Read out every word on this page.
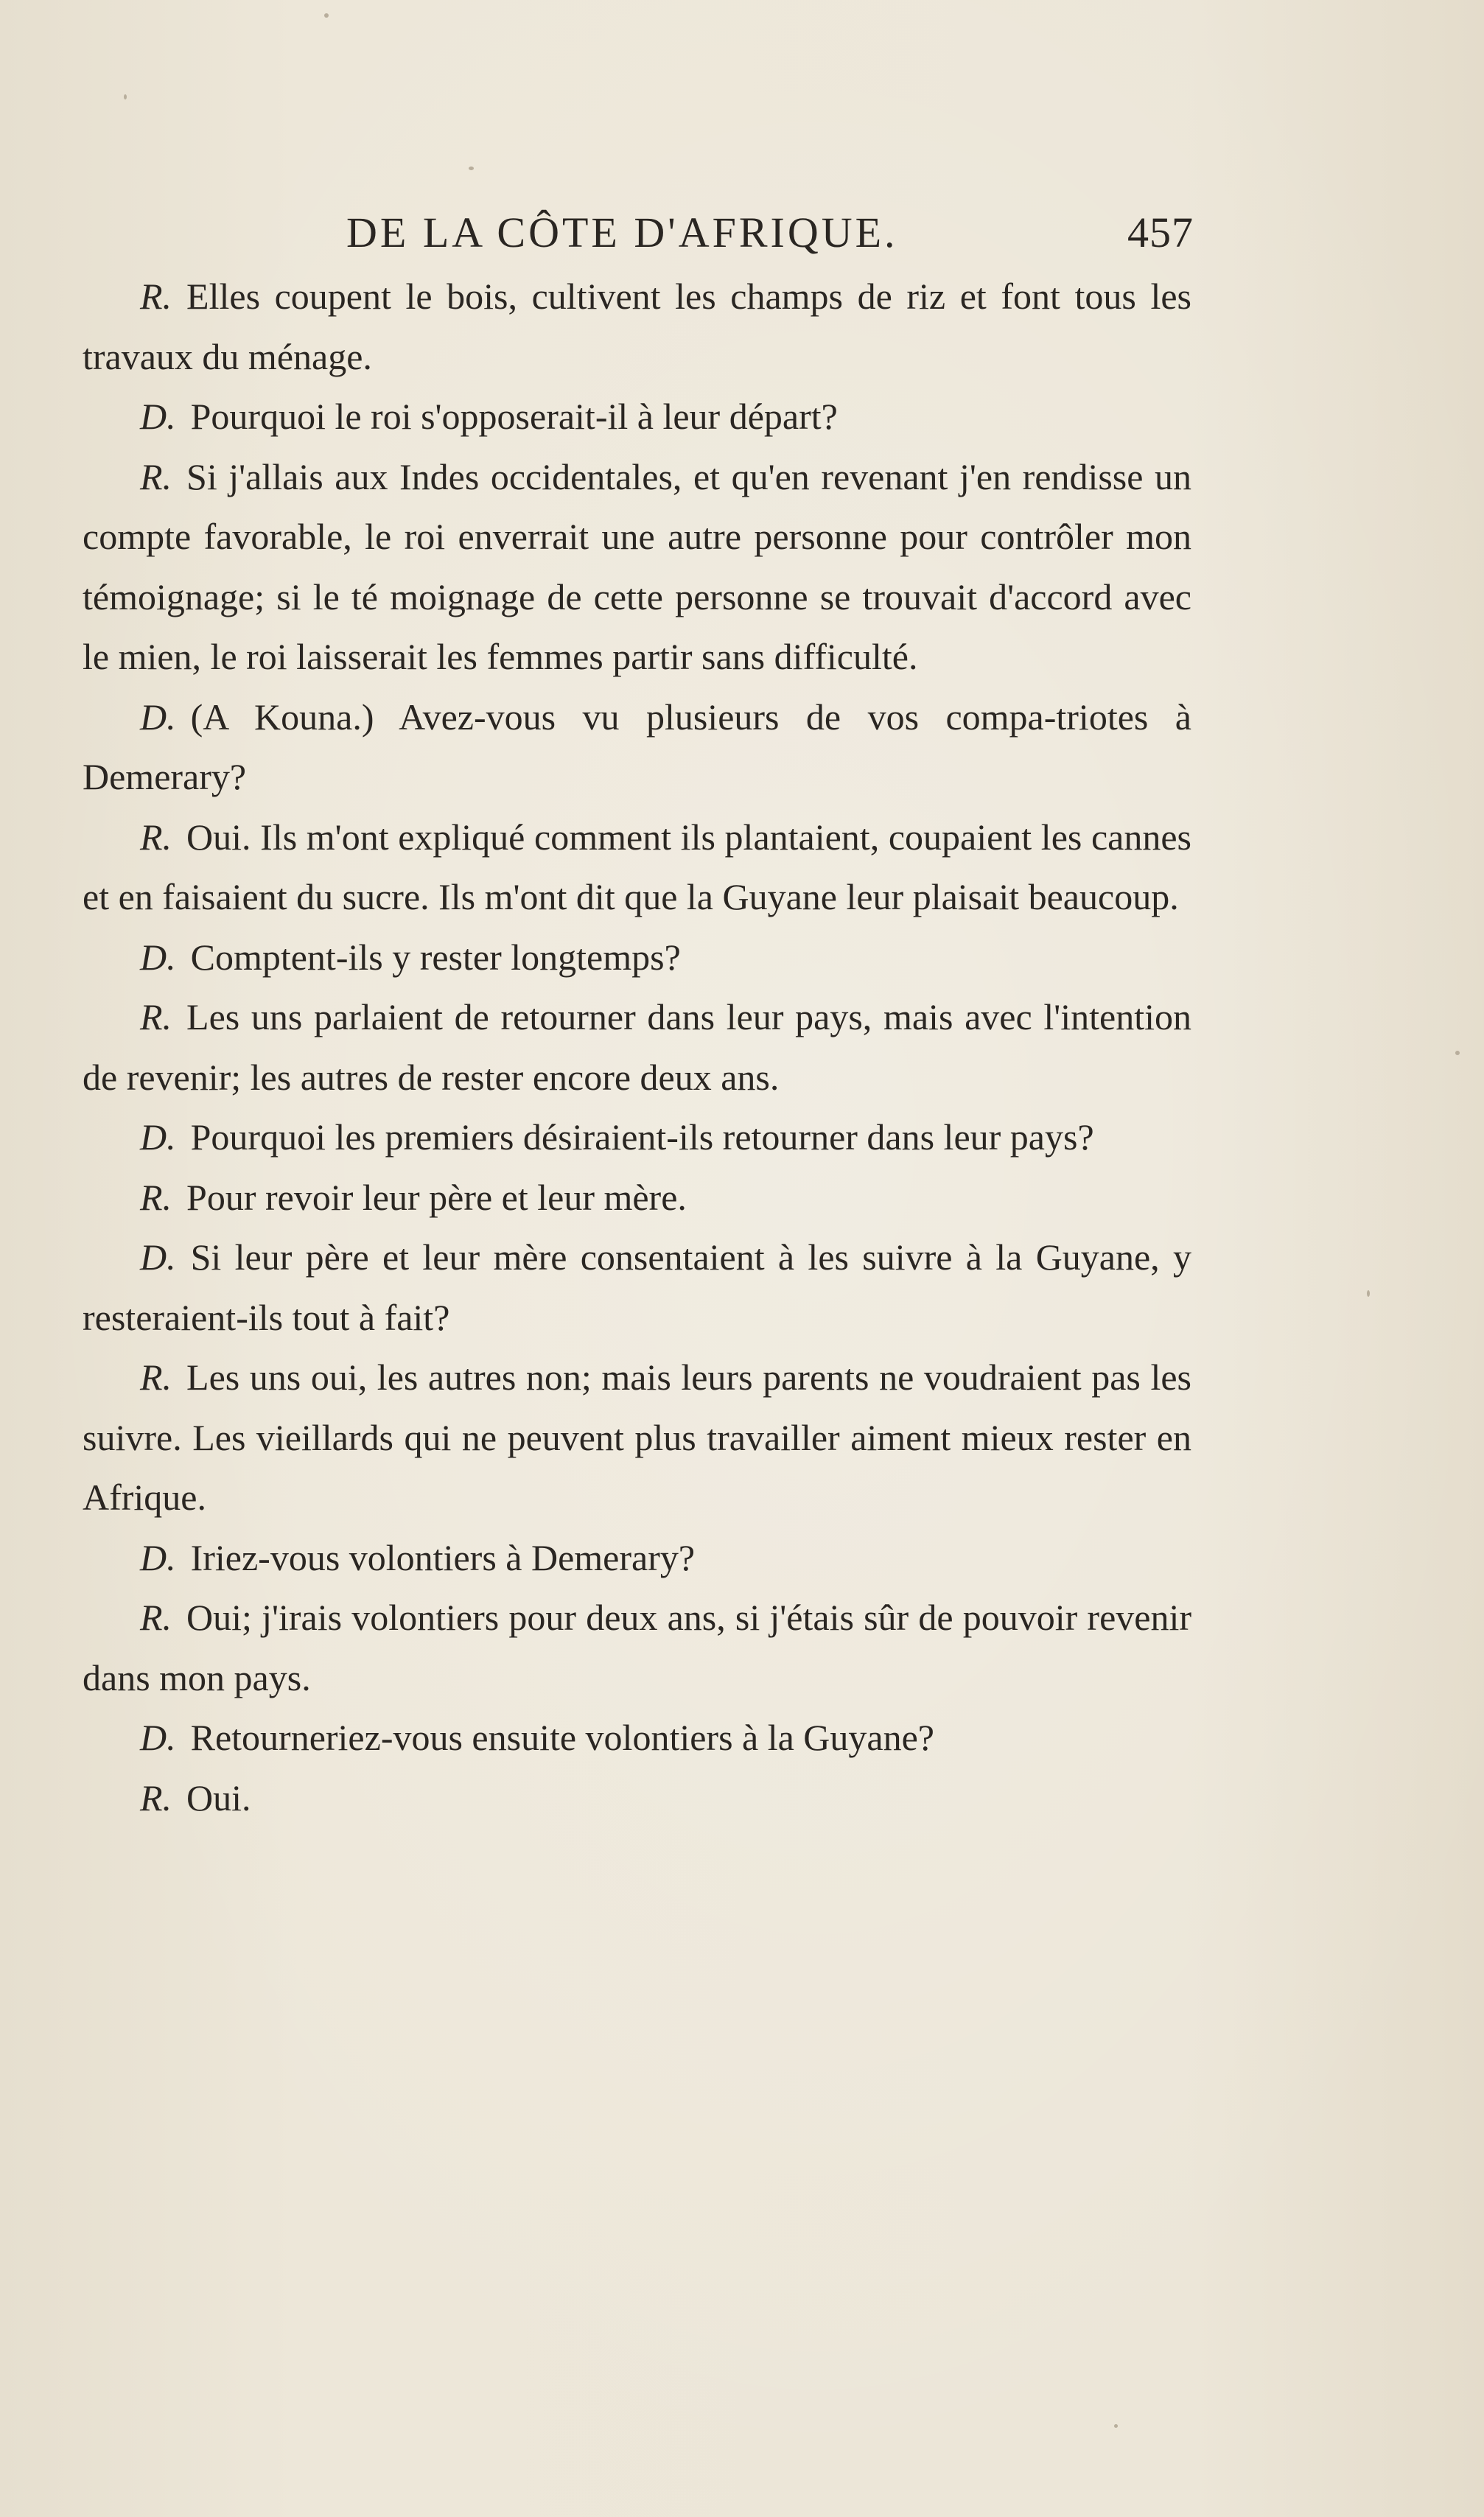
DE LA CÔTE D'AFRIQUE.	457

R. Elles coupent le bois, cultivent les champs de riz et font tous les travaux du ménage.

D. Pourquoi le roi s'opposerait-il à leur départ?

R. Si j'allais aux Indes occidentales, et qu'en revenant j'en rendisse un compte favorable, le roi enverrait une autre personne pour contrôler mon témoignage; si le té moignage de cette personne se trouvait d'accord avec le mien, le roi laisserait les femmes partir sans difficulté.

D. (A Kouna.) Avez-vous vu plusieurs de vos compa-triotes à Demerary?

R. Oui. Ils m'ont expliqué comment ils plantaient, coupaient les cannes et en faisaient du sucre. Ils m'ont dit que la Guyane leur plaisait beaucoup.

D. Comptent-ils y rester longtemps?

R. Les uns parlaient de retourner dans leur pays, mais avec l'intention de revenir; les autres de rester encore deux ans.

D. Pourquoi les premiers désiraient-ils retourner dans leur pays?

R. Pour revoir leur père et leur mère.

D. Si leur père et leur mère consentaient à les suivre à la Guyane, y resteraient-ils tout à fait?

R. Les uns oui, les autres non; mais leurs parents ne voudraient pas les suivre. Les vieillards qui ne peuvent plus travailler aiment mieux rester en Afrique.

D. Iriez-vous volontiers à Demerary?

R. Oui; j'irais volontiers pour deux ans, si j'étais sûr de pouvoir revenir dans mon pays.

D. Retourneriez-vous ensuite volontiers à la Guyane?

R. Oui.
